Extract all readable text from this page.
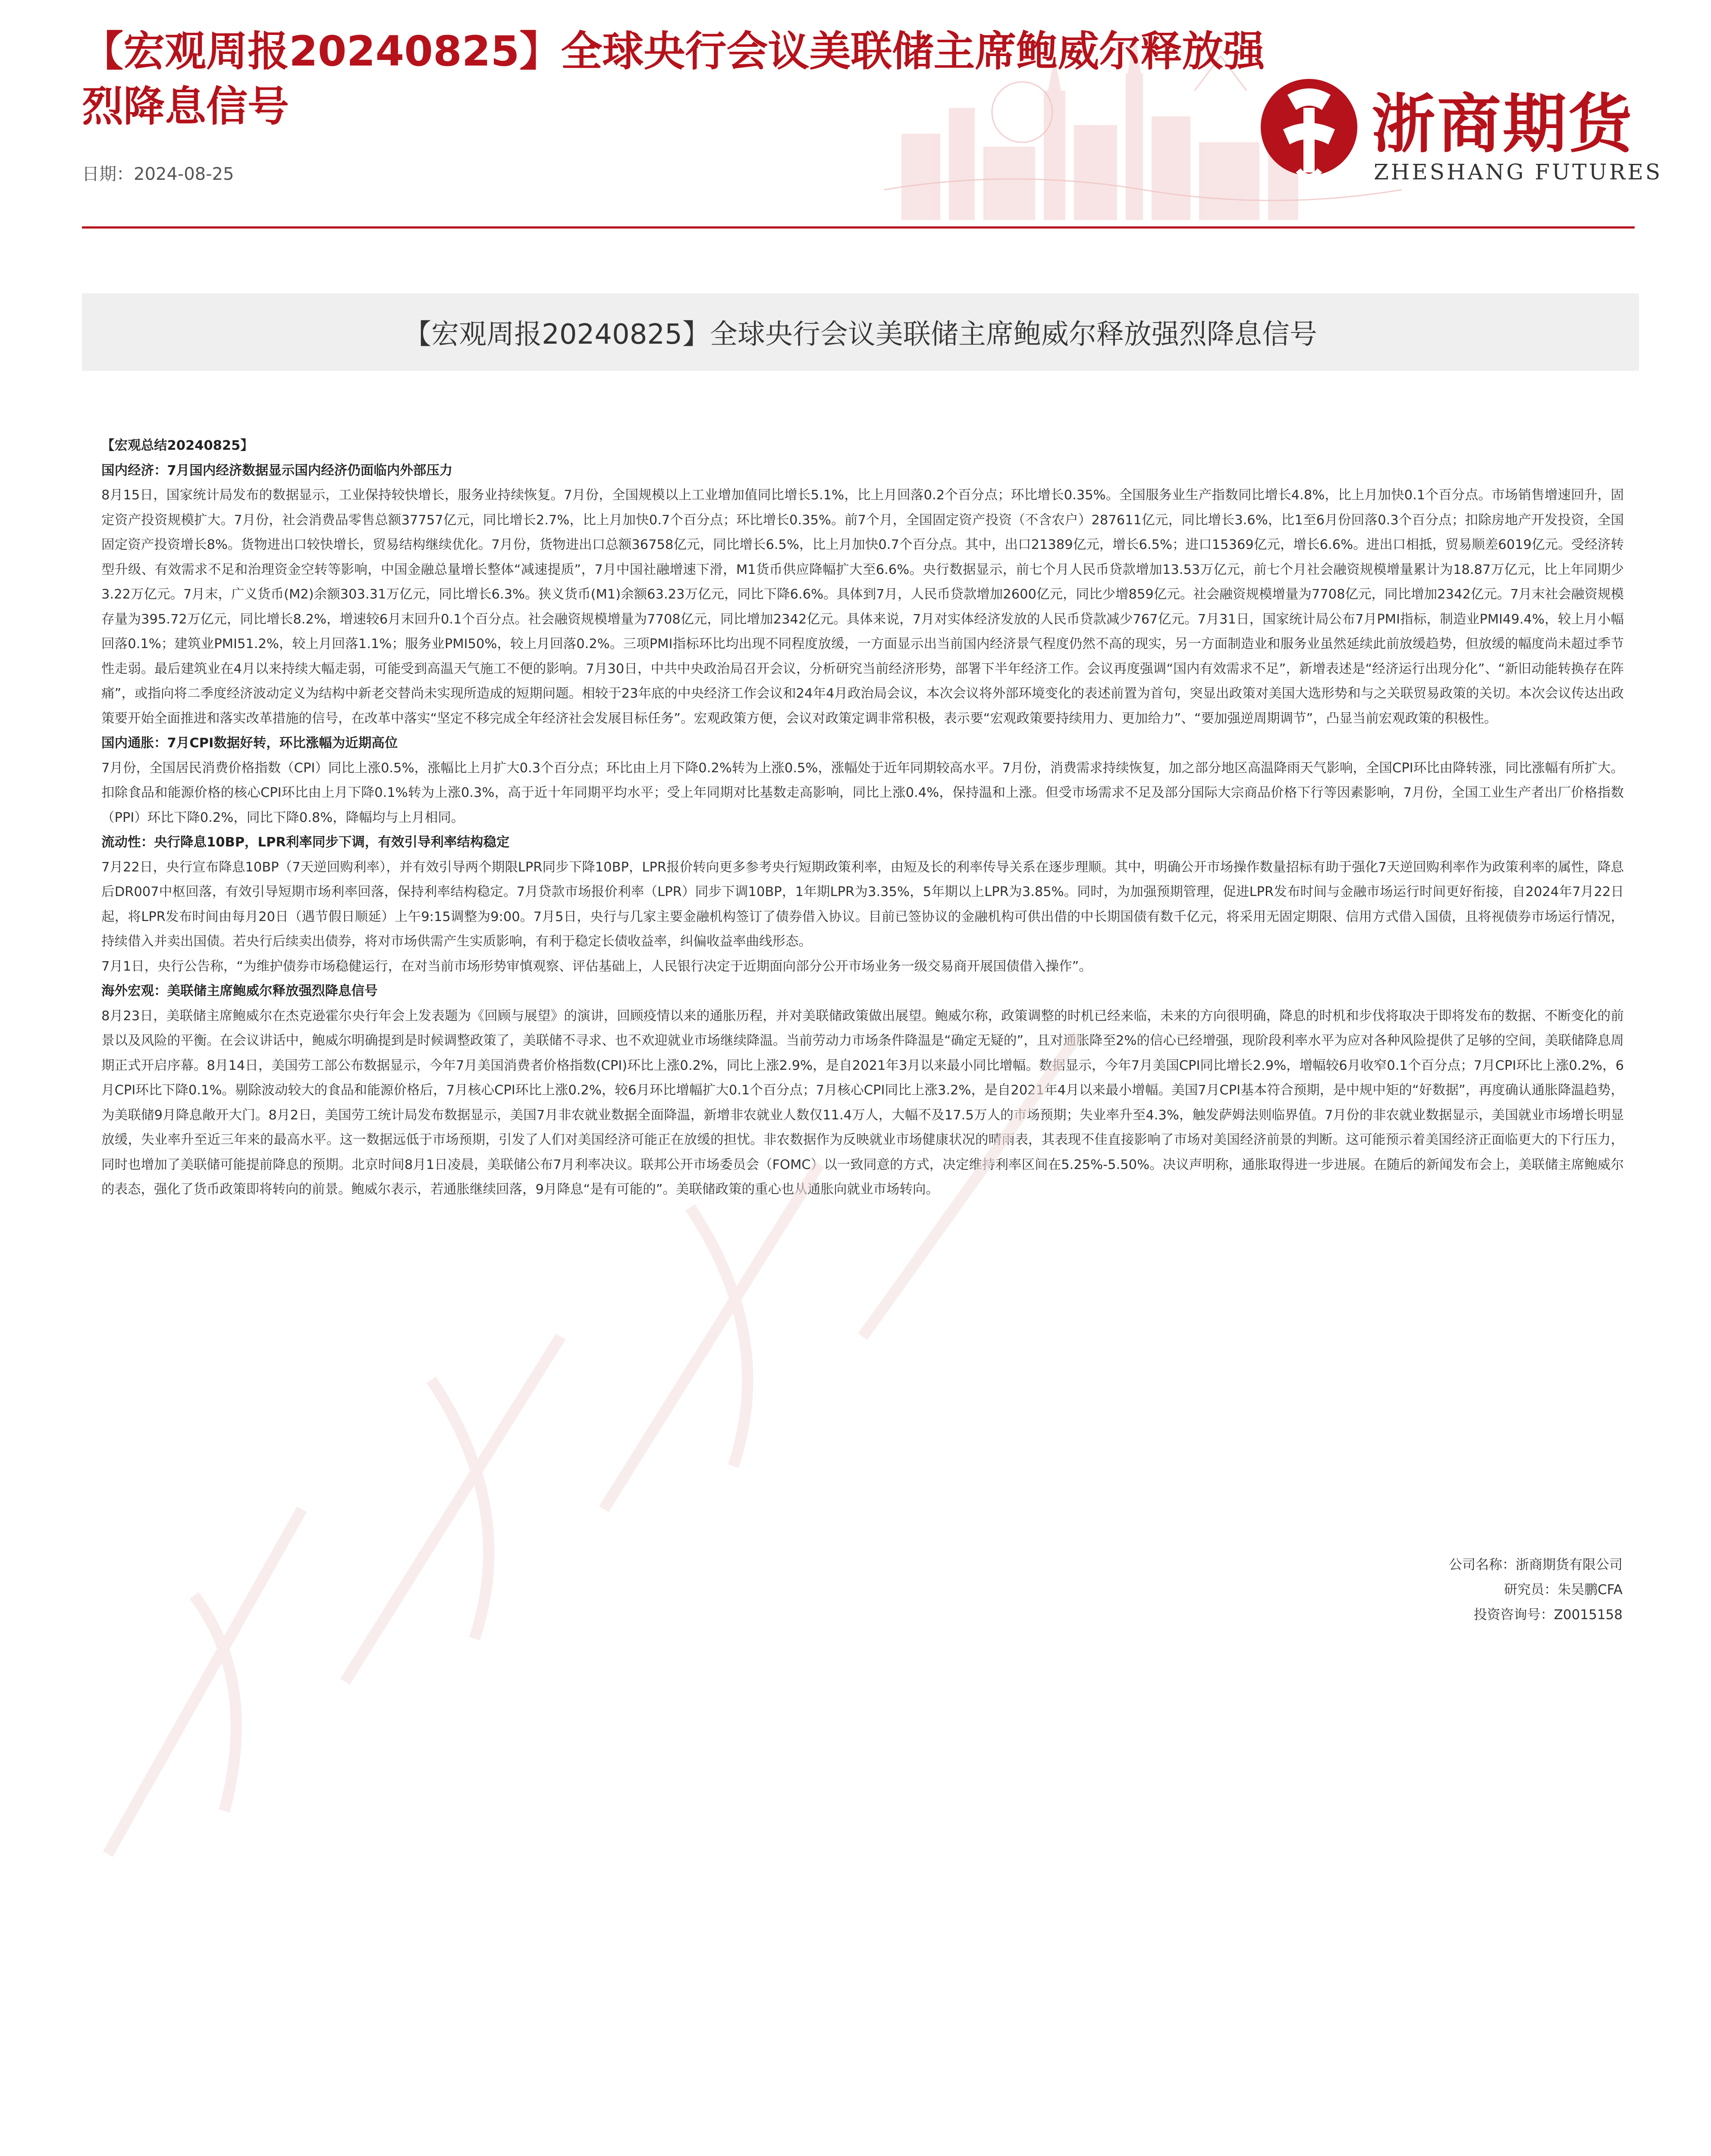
【宏观周报20240825】全球央行会议美联储主席鲍威尔释放强烈降息信号
日期：2024-08-25
浙商期货
ZHESHANG FUTURES
【宏观周报20240825】全球央行会议美联储主席鲍威尔释放强烈降息信号

【宏观总结20240825】

国内经济：7月国内经济数据显示国内经济仍面临内外部压力

8月15日，国家统计局发布的数据显示，工业保持较快增长，服务业持续恢复。7月份，全国规模以上工业增加值同比增长5.1%，比上月回落0.2个百分点；环比增长0.35%。全国服务业生产指数同比增长4.8%，比上月加快0.1个百分点。市场销售增速回升，固定资产投资规模扩大。7月份，社会消费品零售总额37757亿元，同比增长2.7%，比上月加快0.7个百分点；环比增长0.35%。前7个月，全国固定资产投资（不含农户）287611亿元，同比增长3.6%，比1至6月份回落0.3个百分点；扣除房地产开发投资，全国固定资产投资增长8%。货物进出口较快增长，贸易结构继续优化。7月份，货物进出口总额36758亿元，同比增长6.5%，比上月加快0.7个百分点。其中，出口21389亿元，增长6.5%；进口15369亿元，增长6.6%。进出口相抵，贸易顺差6019亿元。受经济转型升级、有效需求不足和治理资金空转等影响，中国金融总量增长整体“减速提质”，7月中国社融增速下滑，M1货币供应降幅扩大至6.6%。央行数据显示，前七个月人民币贷款增加13.53万亿元，前七个月社会融资规模增量累计为18.87万亿元，比上年同期少3.22万亿元。7月末，广义货币(M2)余额303.31万亿元，同比增长6.3%。狭义货币(M1)余额63.23万亿元，同比下降6.6%。具体到7月，人民币贷款增加2600亿元，同比少增859亿元。社会融资规模增量为7708亿元，同比增加2342亿元。7月末社会融资规模存量为395.72万亿元，同比增长8.2%，增速较6月末回升0.1个百分点。社会融资规模增量为7708亿元，同比增加2342亿元。具体来说，7月对实体经济发放的人民币贷款减少767亿元。7月31日，国家统计局公布7月PMI指标，制造业PMI49.4%，较上月小幅回落0.1%；建筑业PMI51.2%，较上月回落1.1%；服务业PMI50%，较上月回落0.2%。三项PMI指标环比均出现不同程度放缓，一方面显示出当前国内经济景气程度仍然不高的现实，另一方面制造业和服务业虽然延续此前放缓趋势，但放缓的幅度尚未超过季节性走弱。最后建筑业在4月以来持续大幅走弱，可能受到高温天气施工不便的影响。7月30日，中共中央政治局召开会议，分析研究当前经济形势，部署下半年经济工作。会议再度强调“国内有效需求不足”，新增表述是“经济运行出现分化”、“新旧动能转换存在阵痛”，或指向将二季度经济波动定义为结构中新老交替尚未实现所造成的短期问题。相较于23年底的中央经济工作会议和24年4月政治局会议，本次会议将外部环境变化的表述前置为首句，突显出政策对美国大选形势和与之关联贸易政策的关切。本次会议传达出政策要开始全面推进和落实改革措施的信号，在改革中落实“坚定不移完成全年经济社会发展目标任务”。宏观政策方便，会议对政策定调非常积极，表示要“宏观政策要持续用力、更加给力”、“要加强逆周期调节”，凸显当前宏观政策的积极性。

国内通胀：7月CPI数据好转，环比涨幅为近期高位

7月份，全国居民消费价格指数（CPI）同比上涨0.5%，涨幅比上月扩大0.3个百分点；环比由上月下降0.2%转为上涨0.5%，涨幅处于近年同期较高水平。7月份，消费需求持续恢复，加之部分地区高温降雨天气影响，全国CPI环比由降转涨，同比涨幅有所扩大。扣除食品和能源价格的核心CPI环比由上月下降0.1%转为上涨0.3%，高于近十年同期平均水平；受上年同期对比基数走高影响，同比上涨0.4%，保持温和上涨。但受市场需求不足及部分国际大宗商品价格下行等因素影响，7月份，全国工业生产者出厂价格指数（PPI）环比下降0.2%，同比下降0.8%，降幅均与上月相同。

流动性：央行降息10BP，LPR利率同步下调，有效引导利率结构稳定

7月22日，央行宣布降息10BP（7天逆回购利率），并有效引导两个期限LPR同步下降10BP，LPR报价转向更多参考央行短期政策利率，由短及长的利率传导关系在逐步理顺。其中，明确公开市场操作数量招标有助于强化7天逆回购利率作为政策利率的属性，降息后DR007中枢回落，有效引导短期市场利率回落，保持利率结构稳定。7月贷款市场报价利率（LPR）同步下调10BP，1年期LPR为3.35%，5年期以上LPR为3.85%。同时，为加强预期管理，促进LPR发布时间与金融市场运行时间更好衔接，自2024年7月22日起，将LPR发布时间由每月20日（遇节假日顺延）上午9:15调整为9:00。7月5日，央行与几家主要金融机构签订了债券借入协议。目前已签协议的金融机构可供出借的中长期国债有数千亿元，将采用无固定期限、信用方式借入国债，且将视债券市场运行情况，持续借入并卖出国债。若央行后续卖出债券，将对市场供需产生实质影响，有利于稳定长债收益率，纠偏收益率曲线形态。

7月1日，央行公告称，“为维护债券市场稳健运行，在对当前市场形势审慎观察、评估基础上，人民银行决定于近期面向部分公开市场业务一级交易商开展国债借入操作”。

海外宏观：美联储主席鲍威尔释放强烈降息信号

8月23日，美联储主席鲍威尔在杰克逊霍尔央行年会上发表题为《回顾与展望》的演讲，回顾疫情以来的通胀历程，并对美联储政策做出展望。鲍威尔称，政策调整的时机已经来临，未来的方向很明确，降息的时机和步伐将取决于即将发布的数据、不断变化的前景以及风险的平衡。在会议讲话中，鲍威尔明确提到是时候调整政策了，美联储不寻求、也不欢迎就业市场继续降温。当前劳动力市场条件降温是“确定无疑的”，且对通胀降至2%的信心已经增强，现阶段利率水平为应对各种风险提供了足够的空间，美联储降息周期正式开启序幕。8月14日，美国劳工部公布数据显示，今年7月美国消费者价格指数(CPI)环比上涨0.2%，同比上涨2.9%，是自2021年3月以来最小同比增幅。数据显示，今年7月美国CPI同比增长2.9%，增幅较6月收窄0.1个百分点；7月CPI环比上涨0.2%，6月CPI环比下降0.1%。剔除波动较大的食品和能源价格后，7月核心CPI环比上涨0.2%，较6月环比增幅扩大0.1个百分点；7月核心CPI同比上涨3.2%，是自2021年4月以来最小增幅。美国7月CPI基本符合预期，是中规中矩的“好数据”，再度确认通胀降温趋势，为美联储9月降息敞开大门。8月2日，美国劳工统计局发布数据显示，美国7月非农就业数据全面降温，新增非农就业人数仅11.4万人，大幅不及17.5万人的市场预期；失业率升至4.3%，触发萨姆法则临界值。7月份的非农就业数据显示，美国就业市场增长明显放缓，失业率升至近三年来的最高水平。这一数据远低于市场预期，引发了人们对美国经济可能正在放缓的担忧。非农数据作为反映就业市场健康状况的晴雨表，其表现不佳直接影响了市场对美国经济前景的判断。这可能预示着美国经济正面临更大的下行压力，同时也增加了美联储可能提前降息的预期。北京时间8月1日凌晨，美联储公布7月利率决议。联邦公开市场委员会（FOMC）以一致同意的方式，决定维持利率区间在5.25%-5.50%。决议声明称，通胀取得进一步进展。在随后的新闻发布会上，美联储主席鲍威尔的表态，强化了货币政策即将转向的前景。鲍威尔表示，若通胀继续回落，9月降息“是有可能的”。美联储政策的重心也从通胀向就业市场转向。

公司名称：浙商期货有限公司
研究员：朱吴鹏CFA
投资咨询号：Z0015158
